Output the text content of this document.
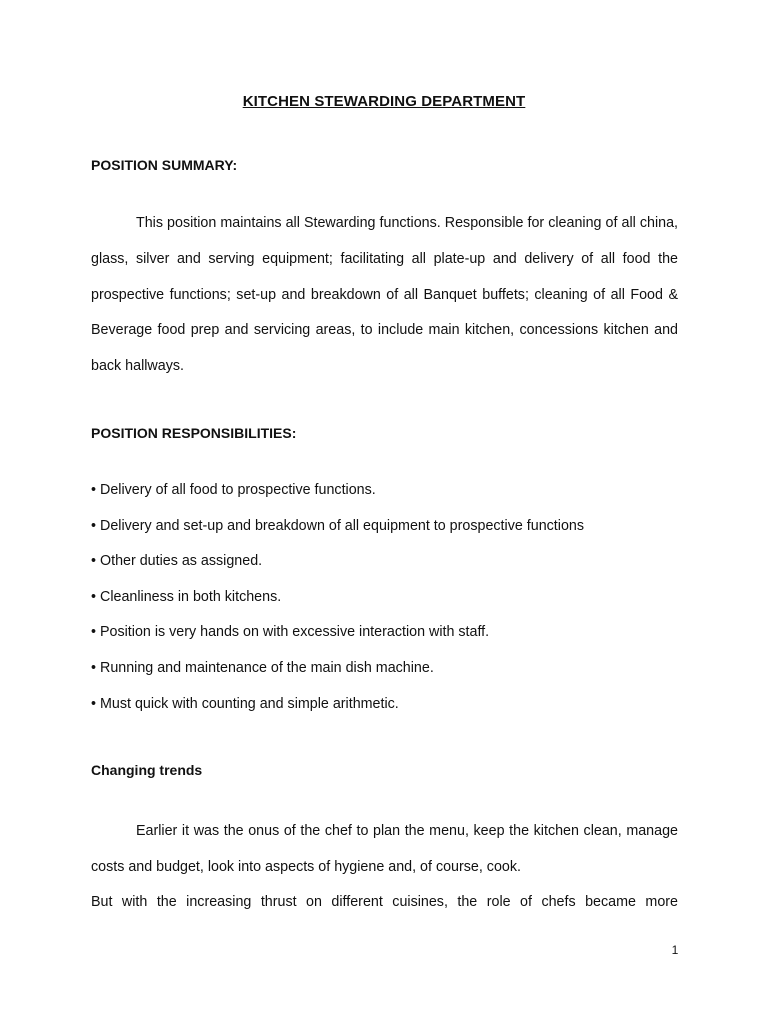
KITCHEN STEWARDING DEPARTMENT
POSITION SUMMARY:

This position maintains all Stewarding functions. Responsible for cleaning of all china, glass, silver and serving equipment; facilitating all plate-up and delivery of all food the prospective functions; set-up and breakdown of all Banquet buffets; cleaning of all Food & Beverage food prep and servicing areas, to include main kitchen, concessions kitchen and back hallways.

POSITION RESPONSIBILITIES:
• Delivery of all food to prospective functions.
• Delivery and set-up and breakdown of all equipment to prospective functions
• Other duties as assigned.
• Cleanliness in both kitchens.
• Position is very hands on with excessive interaction with staff.
• Running and maintenance of the main dish machine.
• Must quick with counting and simple arithmetic.
Changing trends

Earlier it was the onus of the chef to plan the menu, keep the kitchen clean, manage costs and budget, look into aspects of hygiene and, of course, cook.

But with the increasing thrust on different cuisines, the role of chefs became more

1
